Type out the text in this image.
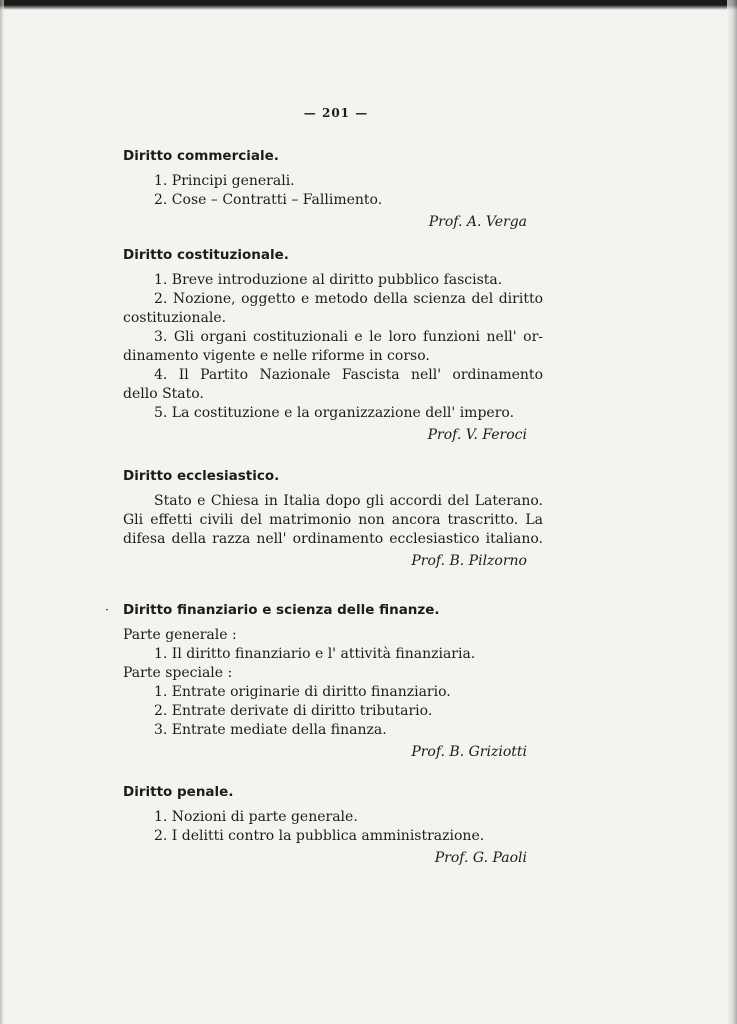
— 201 —
Diritto commerciale.
1. Principi generali.
2. Cose – Contratti – Fallimento.
Prof. A. Verga
Diritto costituzionale.
1. Breve introduzione al diritto pubblico fascista.
2. Nozione, oggetto e metodo della scienza del diritto
costituzionale.
3. Gli organi costituzionali e le loro funzioni nell' or-
dinamento vigente e nelle riforme in corso.
4. Il Partito Nazionale Fascista nell' ordinamento
dello Stato.
5. La costituzione e la organizzazione dell' impero.
Prof. V. Feroci
Diritto ecclesiastico.
Stato e Chiesa in Italia dopo gli accordi del Laterano.
Gli effetti civili del matrimonio non ancora trascritto. La
difesa della razza nell' ordinamento ecclesiastico italiano.
Prof. B. Pilzorno
· Diritto finanziario e scienza delle finanze.
Parte generale :
1. Il diritto finanziario e l' attività finanziaria.
Parte speciale :
1. Entrate originarie di diritto finanziario.
2. Entrate derivate di diritto tributario.
3. Entrate mediate della finanza.
Prof. B. Griziotti
Diritto penale.
1. Nozioni di parte generale.
2. I delitti contro la pubblica amministrazione.
Prof. G. Paoli
